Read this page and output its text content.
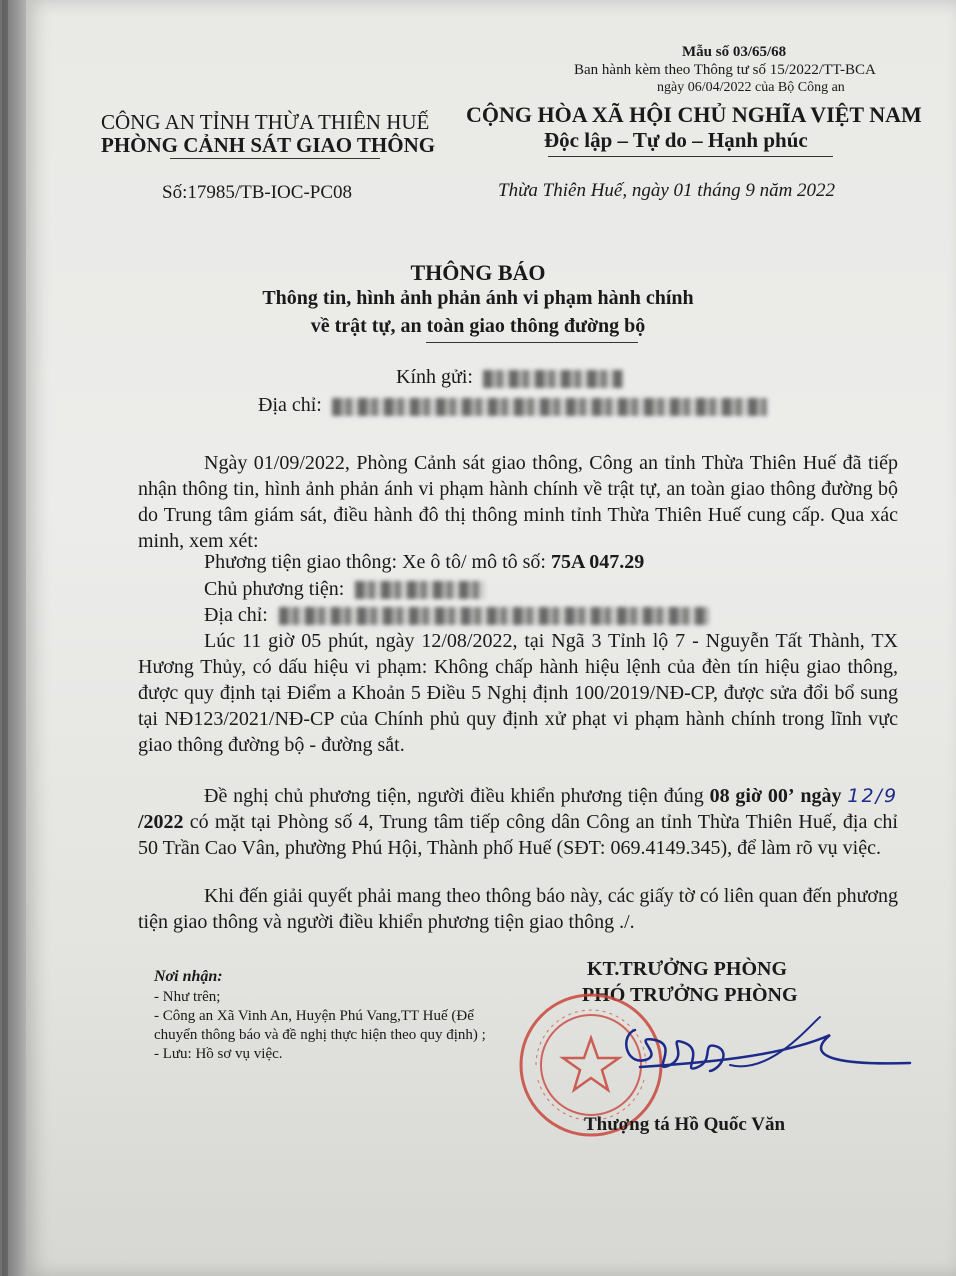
Mẫu số 03/65/68
Ban hành kèm theo Thông tư số 15/2022/TT-BCA
ngày 06/04/2022 của Bộ Công an
CÔNG AN TỈNH THỪA THIÊN HUẾ
PHÒNG CẢNH SÁT GIAO THÔNG
CỘNG HÒA XÃ HỘI CHỦ NGHĨA VIỆT NAM
Độc lập – Tự do – Hạnh phúc
Số:17985/TB-IOC-PC08	Thừa Thiên Huế, ngày 01 tháng 9 năm 2022
THÔNG BÁO
Thông tin, hình ảnh phản ánh vi phạm hành chính
về trật tự, an toàn giao thông đường bộ
Kính gửi:
Địa chỉ:

Ngày 01/09/2022, Phòng Cảnh sát giao thông, Công an tỉnh Thừa Thiên Huế đã tiếp nhận thông tin, hình ảnh phản ánh vi phạm hành chính về trật tự, an toàn giao thông đường bộ do Trung tâm giám sát, điều hành đô thị thông minh tỉnh Thừa Thiên Huế cung cấp. Qua xác minh, xem xét:

Phương tiện giao thông: Xe ô tô/ mô tô số: 75A 047.29
Chủ phương tiện:
Địa chỉ:

Lúc 11 giờ 05 phút, ngày 12/08/2022, tại Ngã 3 Tỉnh lộ 7 - Nguyễn Tất Thành, TX Hương Thủy, có dấu hiệu vi phạm: Không chấp hành hiệu lệnh của đèn tín hiệu giao thông, được quy định tại Điểm a Khoản 5 Điều 5 Nghị định 100/2019/NĐ-CP, được sửa đổi bổ sung tại NĐ123/2021/NĐ-CP của Chính phủ quy định xử phạt vi phạm hành chính trong lĩnh vực giao thông đường bộ - đường sắt.

Đề nghị chủ phương tiện, người điều khiển phương tiện đúng 08 giờ 00’ ngày 12/9 /2022 có mặt tại Phòng số 4, Trung tâm tiếp công dân Công an tỉnh Thừa Thiên Huế, địa chỉ 50 Trần Cao Vân, phường Phú Hội, Thành phố Huế (SĐT: 069.4149.345), để làm rõ vụ việc.

Khi đến giải quyết phải mang theo thông báo này, các giấy tờ có liên quan đến phương tiện giao thông và người điều khiển phương tiện giao thông ./.

Nơi nhận:
- Như trên;
- Công an Xã Vinh An, Huyện Phú Vang,TT Huế (Để chuyển thông báo và đề nghị thực hiện theo quy định) ;
- Lưu: Hồ sơ vụ việc.
KT.TRƯỞNG PHÒNG
PHÓ TRƯỞNG PHÒNG
Thượng tá Hồ Quốc Văn
